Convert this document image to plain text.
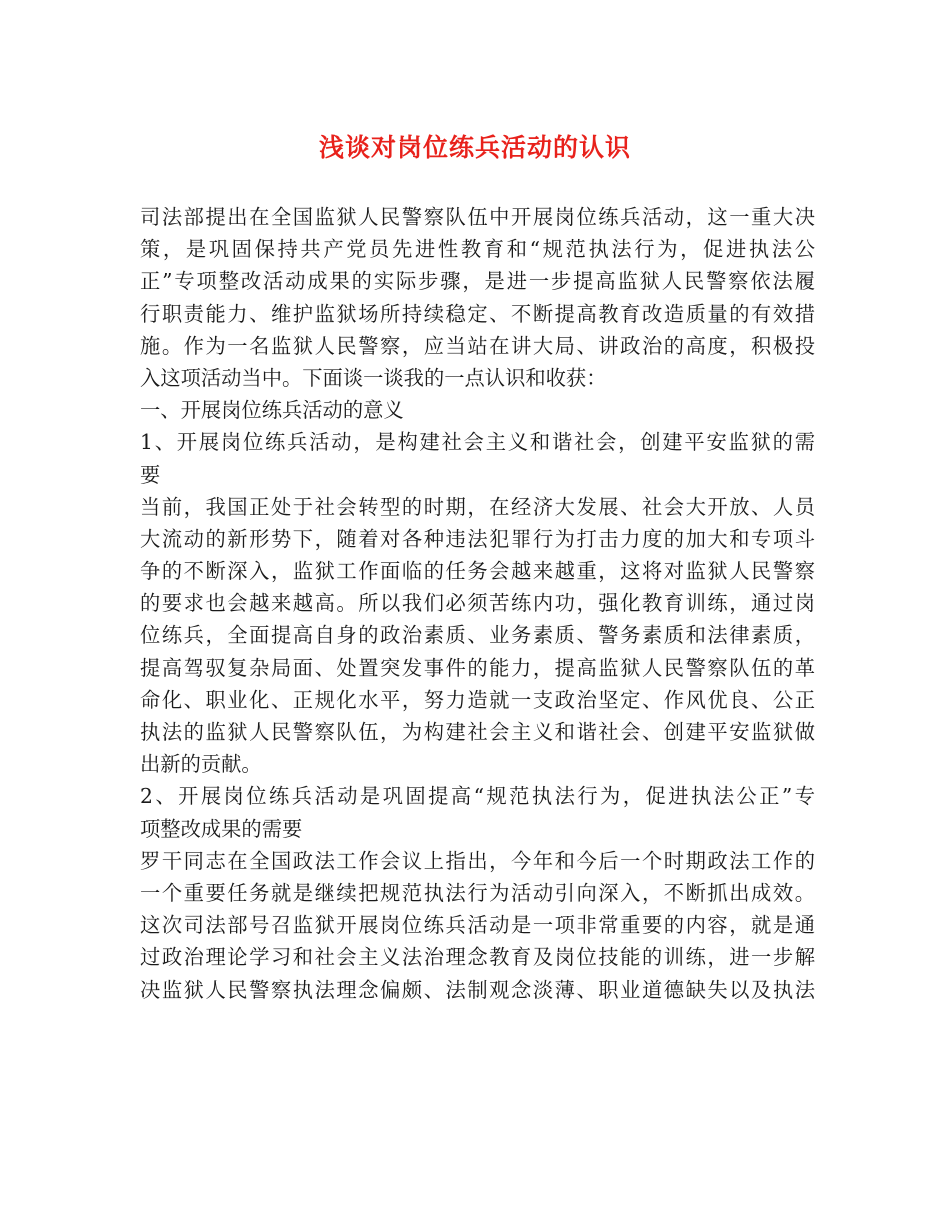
浅谈对岗位练兵活动的认识
司法部提出在全国监狱人民警察队伍中开展岗位练兵活动，这一重大决
策，是巩固保持共产党员先进性教育和“规范执法行为，促进执法公
正”专项整改活动成果的实际步骤，是进一步提高监狱人民警察依法履
行职责能力、维护监狱场所持续稳定、不断提高教育改造质量的有效措
施。作为一名监狱人民警察，应当站在讲大局、讲政治的高度，积极投
入这项活动当中。下面谈一谈我的一点认识和收获：
一、开展岗位练兵活动的意义
1、开展岗位练兵活动，是构建社会主义和谐社会，创建平安监狱的需
要
当前，我国正处于社会转型的时期，在经济大发展、社会大开放、人员
大流动的新形势下，随着对各种违法犯罪行为打击力度的加大和专项斗
争的不断深入，监狱工作面临的任务会越来越重，这将对监狱人民警察
的要求也会越来越高。所以我们必须苦练内功，强化教育训练，通过岗
位练兵，全面提高自身的政治素质、业务素质、警务素质和法律素质，
提高驾驭复杂局面、处置突发事件的能力，提高监狱人民警察队伍的革
命化、职业化、正规化水平，努力造就一支政治坚定、作风优良、公正
执法的监狱人民警察队伍，为构建社会主义和谐社会、创建平安监狱做
出新的贡献。
2、开展岗位练兵活动是巩固提高“规范执法行为，促进执法公正”专
项整改成果的需要
罗干同志在全国政法工作会议上指出，今年和今后一个时期政法工作的
一个重要任务就是继续把规范执法行为活动引向深入，不断抓出成效。
这次司法部号召监狱开展岗位练兵活动是一项非常重要的内容，就是通
过政治理论学习和社会主义法治理念教育及岗位技能的训练，进一步解
决监狱人民警察执法理念偏颇、法制观念淡薄、职业道德缺失以及执法
